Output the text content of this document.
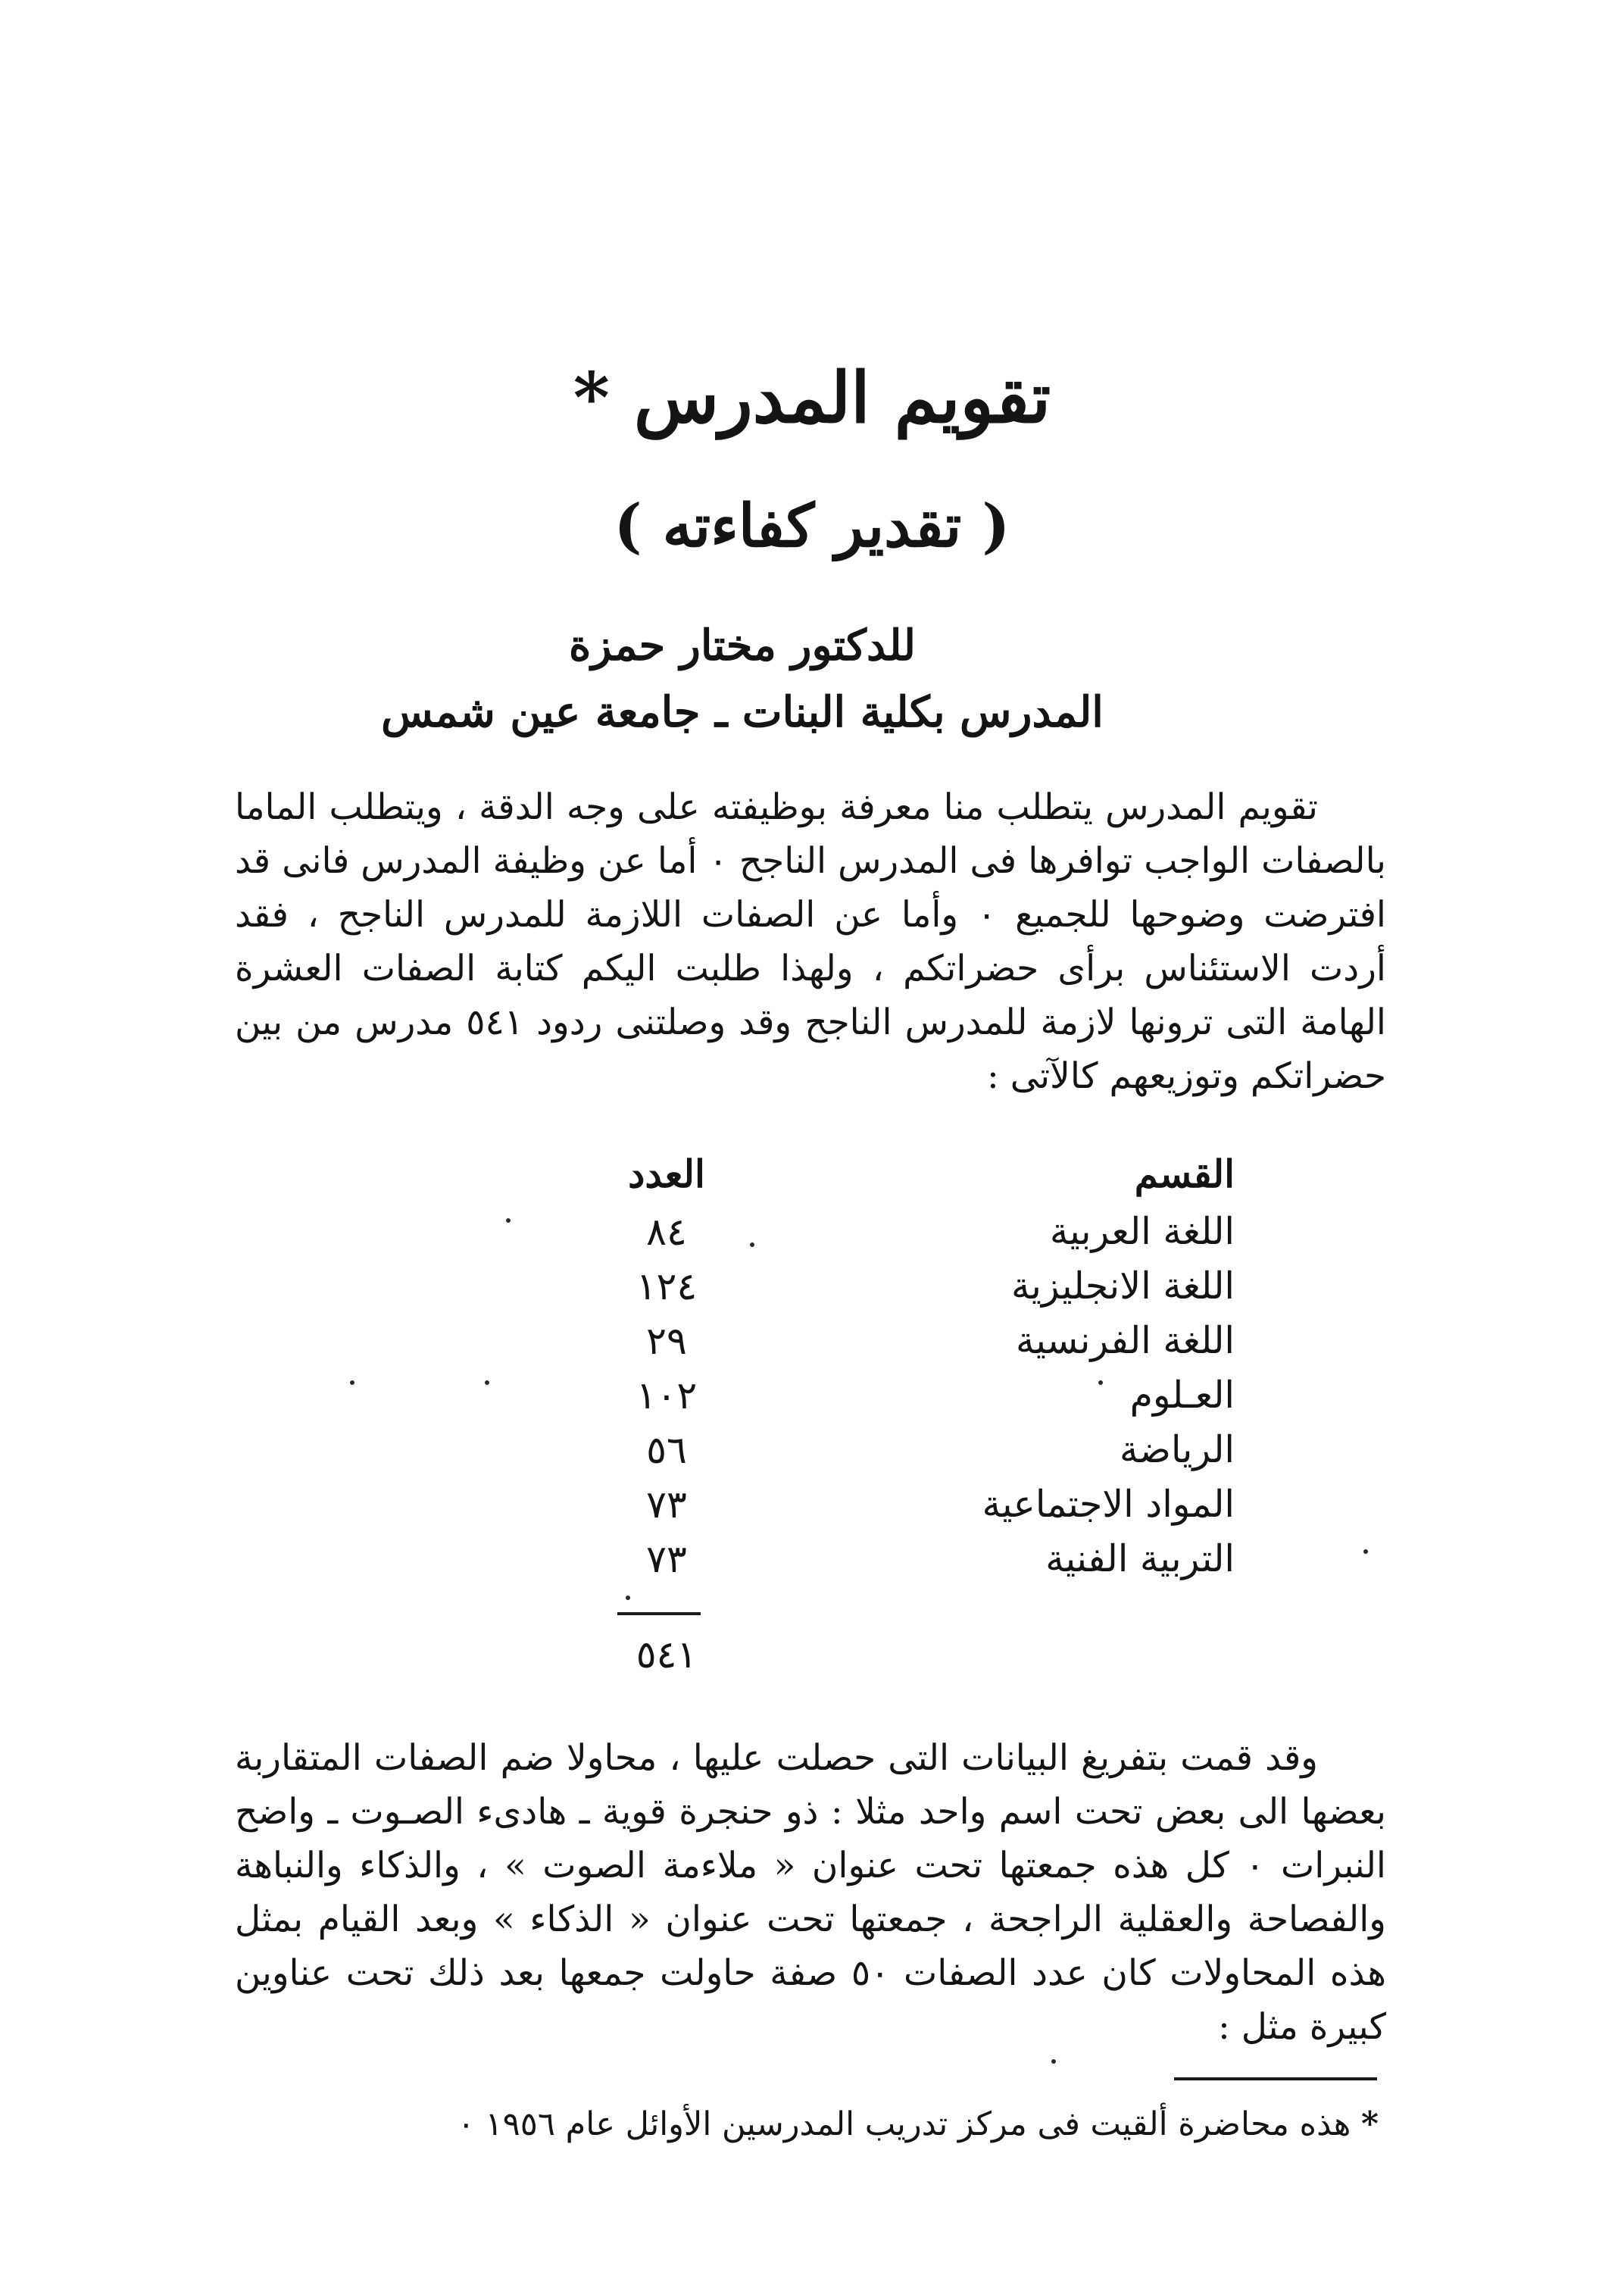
تقويم المدرس *
( تقدير كفاءته )
للدكتور مختار حمزة
المدرس بكلية البنات ـ جامعة عين شمس

تقويم المدرس يتطلب منا معرفة بوظيفته على وجه الدقة ، ويتطلب الماما بالصفات الواجب توافرها فى المدرس الناجح ٠ أما عن وظيفة المدرس فانى قد افترضت وضوحها للجميع ٠ وأما عن الصفات اللازمة للمدرس الناجح ، فقد أردت الاستئناس برأى حضراتكم ، ولهذا طلبت اليكم كتابة الصفات العشرة الهامة التى ترونها لازمة للمدرس الناجح وقد وصلتنى ردود ٥٤١ مدرس من بين حضراتكم وتوزيعهم كالآتى :

القسم
العدد
اللغة العربية
٨٤
اللغة الانجليزية
١٢٤
اللغة الفرنسية
٢٩
العـلوم
١٠٢
الرياضة
٥٦
المواد الاجتماعية
٧٣
التربية الفنية
٧٣
٥٤١

وقد قمت بتفريغ البيانات التى حصلت عليها ، محاولا ضم الصفات المتقاربة بعضها الى بعض تحت اسم واحد مثلا : ذو حنجرة قوية ـ هادىء الصـوت ـ واضح النبرات ٠ كل هذه جمعتها تحت عنوان « ملاءمة الصوت » ، والذكاء والنباهة والفصاحة والعقلية الراجحة ، جمعتها تحت عنوان « الذكاء » وبعد القيام بمثل هذه المحاولات كان عدد الصفات ٥٠ صفة حاولت جمعها بعد ذلك تحت عناوين كبيرة مثل :

* هذه محاضرة ألقيت فى مركز تدريب المدرسين الأوائل عام ١٩٥٦ ٠
